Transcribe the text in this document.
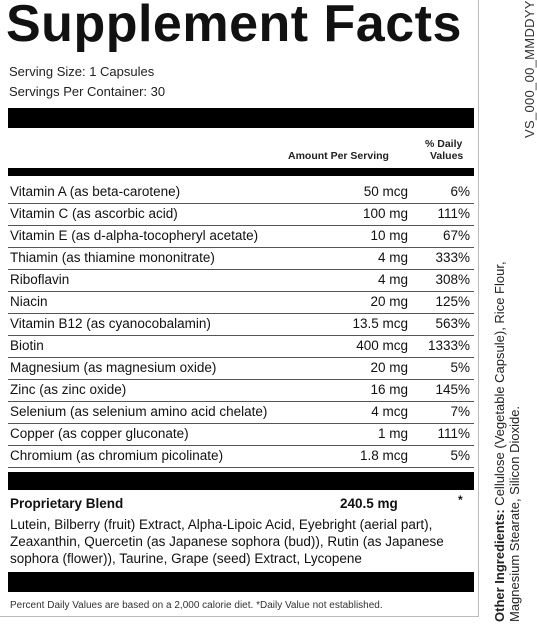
Supplement Facts
Serving Size: 1 Capsules
Servings Per Container: 30
Amount Per Serving
% Daily
Values
Vitamin A (as beta-carotene)	50 mcg	6%
Vitamin C (as ascorbic acid)	100 mg 111%
Vitamin E (as d-alpha-tocopheryl acetate)	10 mg	67%
Thiamin (as thiamine mononitrate)	4 mg 333%
Riboflavin	4 mg 308%
Niacin	20 mg 125%
Vitamin B12 (as cyanocobalamin)	13.5 mcg 563%
Biotin	400 mcg 1333%
Magnesium (as magnesium oxide)	20 mg	5%
Zinc (as zinc oxide)	16 mg 145%
Selenium (as selenium amino acid chelate)	4 mcg	7%
Copper (as copper gluconate)	1 mg 111%
Chromium (as chromium picolinate)	1.8 mcg	5%
Proprietary Blend	240.5 mg	*
Lutein, Bilberry (fruit) Extract, Alpha-Lipoic Acid, Eyebright (aerial part), Zeaxanthin, Quercetin (as Japanese sophora (bud)), Rutin (as Japanese sophora (flower)), Taurine, Grape (seed) Extract, Lycopene
Percent Daily Values are based on a 2,000 calorie diet. *Daily Value not established.
VS_000_00_MMDDYY
Other Ingredients: Cellulose (Vegetable Capsule), Rice Flour, Magnesium Stearate, Silicon Dioxide.
